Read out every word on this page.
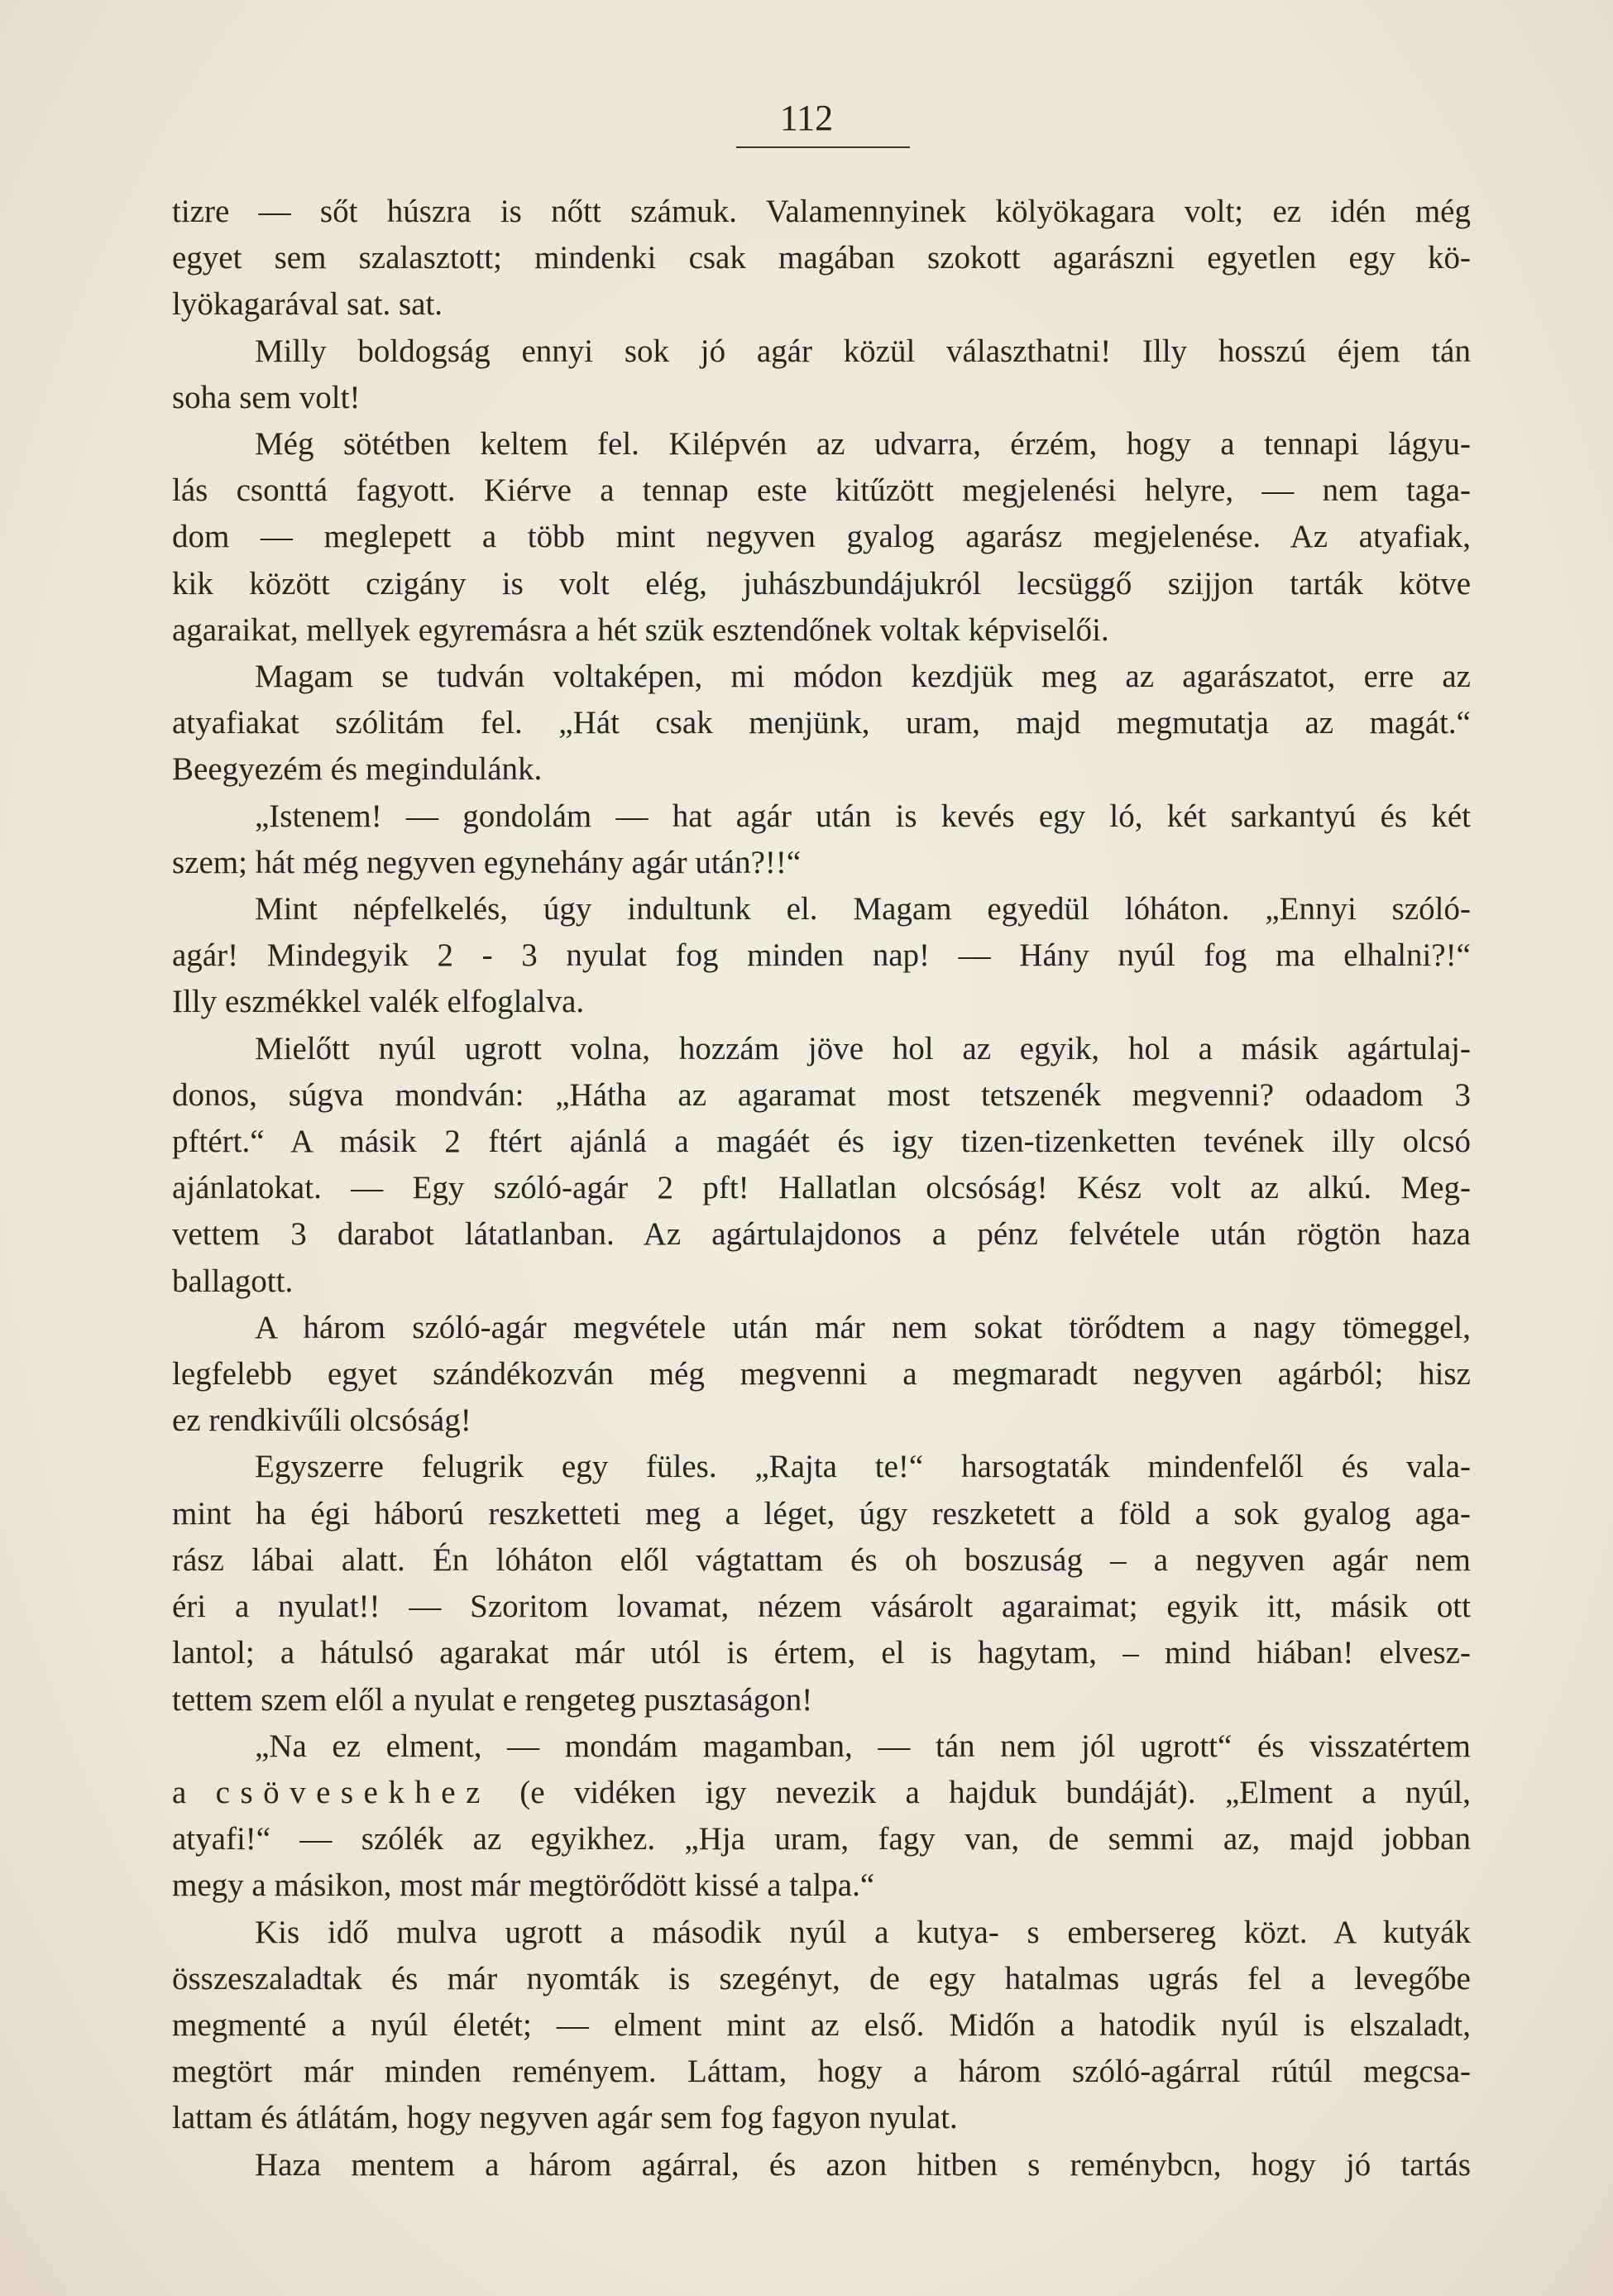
112
tizre — sőt húszra is nőtt számuk. Valamennyinek kölyökagara volt; ez idén még
egyet sem szalasztott; mindenki csak magában szokott agarászni egyetlen egy kö-
lyökagarával sat. sat.
Milly boldogság ennyi sok jó agár közül választhatni! Illy hosszú éjem tán
soha sem volt!
Még sötétben keltem fel. Kilépvén az udvarra, érzém, hogy a tennapi lágyu-
lás csonttá fagyott. Kiérve a tennap este kitűzött megjelenési helyre, — nem taga-
dom — meglepett a több mint negyven gyalog agarász megjelenése. Az atyafiak,
kik között czigány is volt elég, juhászbundájukról lecsüggő szijjon tarták kötve
agaraikat, mellyek egyremásra a hét szük esztendőnek voltak képviselői.
Magam se tudván voltaképen, mi módon kezdjük meg az agarászatot, erre az
atyafiakat szólitám fel. „Hát csak menjünk, uram, majd megmutatja az magát.“
Beegyezém és megindulánk.
„Istenem! — gondolám — hat agár után is kevés egy ló, két sarkantyú és két
szem; hát még negyven egynehány agár után?!!“
Mint népfelkelés, úgy indultunk el. Magam egyedül lóháton. „Ennyi szóló-
agár! Mindegyik 2 - 3 nyulat fog minden nap! — Hány nyúl fog ma elhalni?!“
Illy eszmékkel valék elfoglalva.
Mielőtt nyúl ugrott volna, hozzám jöve hol az egyik, hol a másik agártulaj-
donos, súgva mondván: „Hátha az agaramat most tetszenék megvenni? odaadom 3
pftért.“ A másik 2 ftért ajánlá a magáét és igy tizen-tizenketten tevének illy olcsó
ajánlatokat. — Egy szóló-agár 2 pft! Hallatlan olcsóság! Kész volt az alkú. Meg-
vettem 3 darabot látatlanban. Az agártulajdonos a pénz felvétele után rögtön haza
ballagott.
A három szóló-agár megvétele után már nem sokat törődtem a nagy tömeggel,
legfelebb egyet szándékozván még megvenni a megmaradt negyven agárból; hisz
ez rendkivűli olcsóság!
Egyszerre felugrik egy füles. „Rajta te!“ harsogtaták mindenfelől és vala-
mint ha égi háború reszketteti meg a léget, úgy reszketett a föld a sok gyalog aga-
rász lábai alatt. Én lóháton elől vágtattam és oh boszuság – a negyven agár nem
éri a nyulat!! — Szoritom lovamat, nézem vásárolt agaraimat; egyik itt, másik ott
lantol; a hátulsó agarakat már utól is értem, el is hagytam, – mind hiában! elvesz-
tettem szem elől a nyulat e rengeteg pusztaságon!
„Na ez elment, — mondám magamban, — tán nem jól ugrott“ és visszatértem
a csövesekhez (e vidéken igy nevezik a hajduk bundáját). „Elment a nyúl,
atyafi!“ — szólék az egyikhez. „Hja uram, fagy van, de semmi az, majd jobban
megy a másikon, most már megtörődött kissé a talpa.“
Kis idő mulva ugrott a második nyúl a kutya- s embersereg közt. A kutyák
összeszaladtak és már nyomták is szegényt, de egy hatalmas ugrás fel a levegőbe
megmenté a nyúl életét; — elment mint az első. Midőn a hatodik nyúl is elszaladt,
megtört már minden reményem. Láttam, hogy a három szóló-agárral rútúl megcsa-
lattam és átlátám, hogy negyven agár sem fog fagyon nyulat.
Haza mentem a három agárral, és azon hitben s reménybcn, hogy jó tartás
